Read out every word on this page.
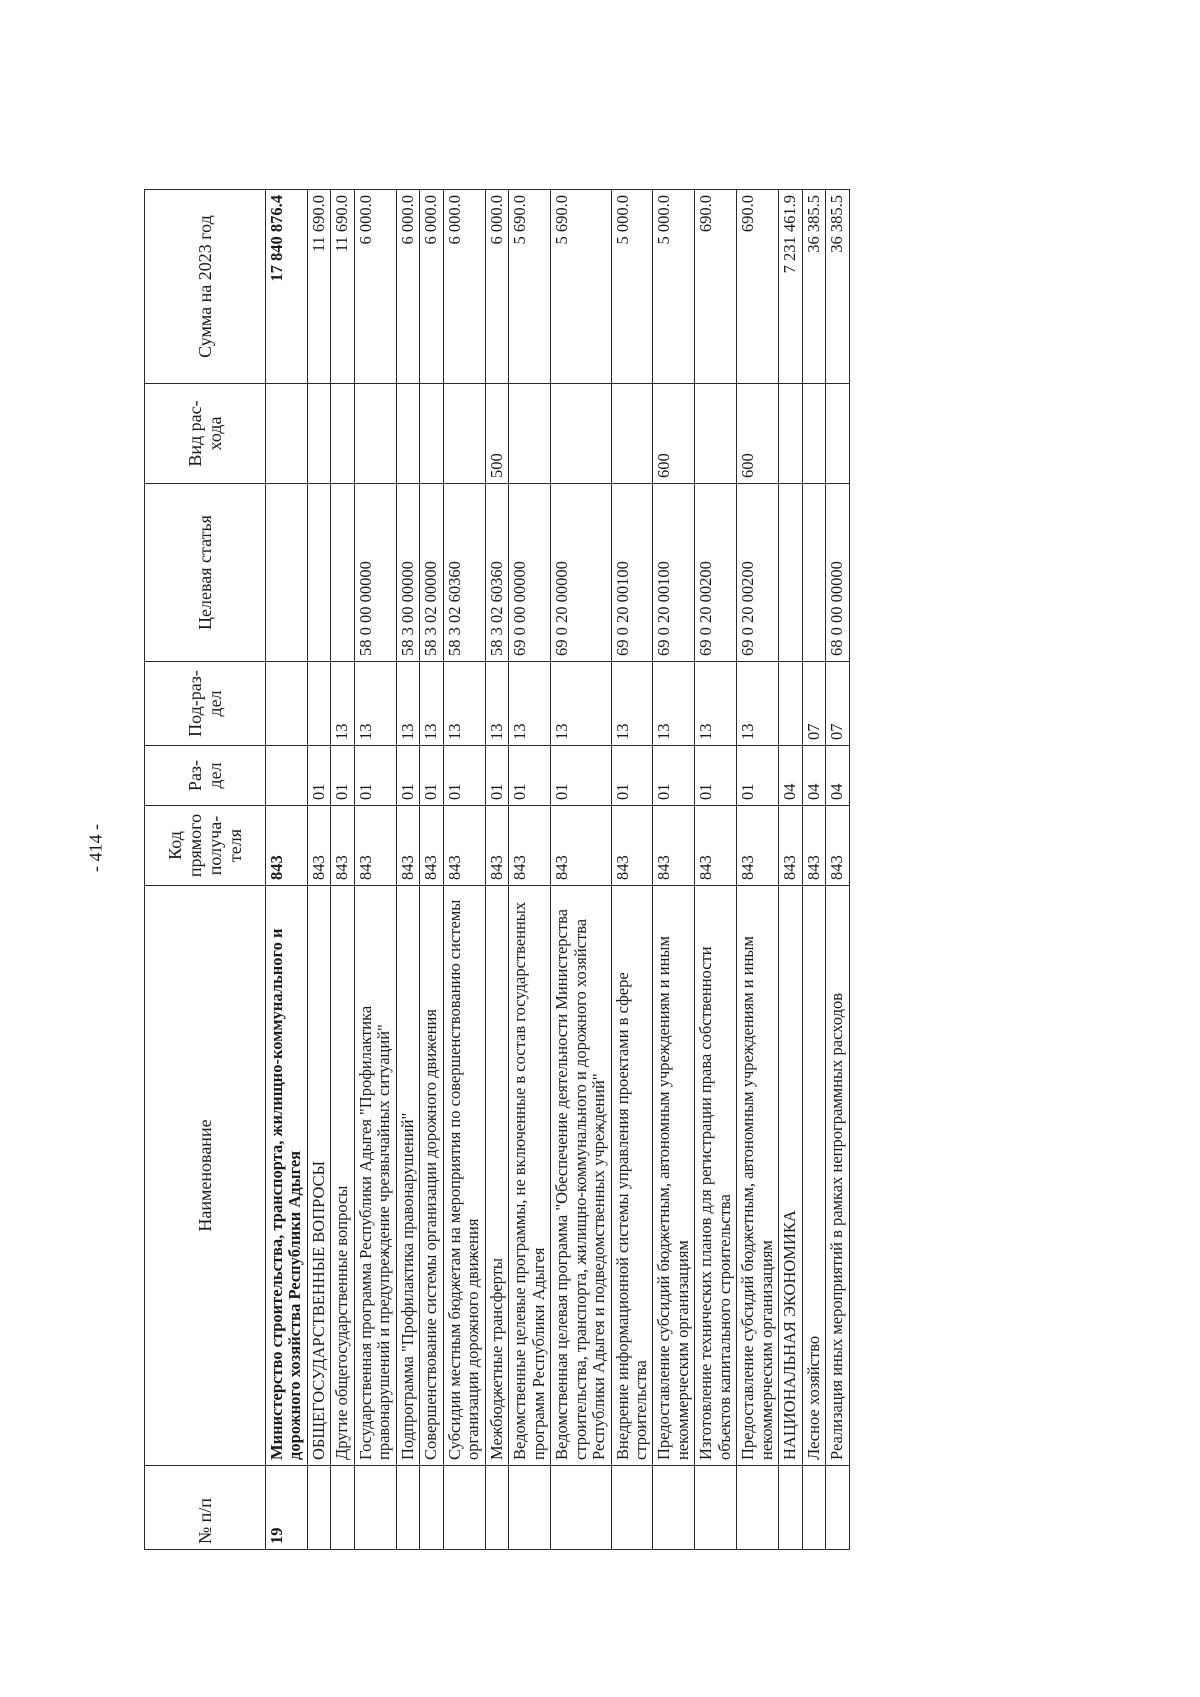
- 414 -
№ п/п	Наименование	Код прямого получа-теля	Раз-дел	Под-раз-дел	Целевая статья	Вид рас-хода	Сумма на 2023 год
19	Министерство строительства, транспорта, жилищно-коммунального и дорожного хозяйства Республики Адыгея	843					17 840 876.4
	ОБЩЕГОСУДАРСТВЕННЫЕ ВОПРОСЫ	843	01				11 690.0
	Другие общегосударственные вопросы	843	01	13			11 690.0
	Государственная программа Республики Адыгея "Профилактика правонарушений и предупреждение чрезвычайных ситуаций"	843	01	13	58 0 00 00000		6 000.0
	Подпрограмма "Профилактика правонарушений"	843	01	13	58 3 00 00000		6 000.0
	Совершенствование системы организации дорожного движения	843	01	13	58 3 02 00000		6 000.0
	Субсидии местным бюджетам на мероприятия по совершенствованию системы организации дорожного движения	843	01	13	58 3 02 60360		6 000.0
	Межбюджетные трансферты	843	01	13	58 3 02 60360	500	6 000.0
	Ведомственные целевые программы, не включенные в состав государственных программ Республики Адыгея	843	01	13	69 0 00 00000		5 690.0
	Ведомственная целевая программа "Обеспечение деятельности Министерства строительства, транспорта, жилищно-коммунального и дорожного хозяйства Республики Адыгея и подведомственных учреждений"	843	01	13	69 0 20 00000		5 690.0
	Внедрение информационной системы управления проектами в сфере строительства	843	01	13	69 0 20 00100		5 000.0
	Предоставление субсидий бюджетным, автономным учреждениям и иным некоммерческим организациям	843	01	13	69 0 20 00100	600	5 000.0
	Изготовление технических планов для регистрации права собственности объектов капитального строительства	843	01	13	69 0 20 00200		690.0
	Предоставление субсидий бюджетным, автономным учреждениям и иным некоммерческим организациям	843	01	13	69 0 20 00200	600	690.0
	НАЦИОНАЛЬНАЯ ЭКОНОМИКА	843	04				7 231 461.9
	Лесное хозяйство	843	04	07			36 385.5
	Реализация иных мероприятий в рамках непрограммных расходов	843	04	07	68 0 00 00000		36 385.5
